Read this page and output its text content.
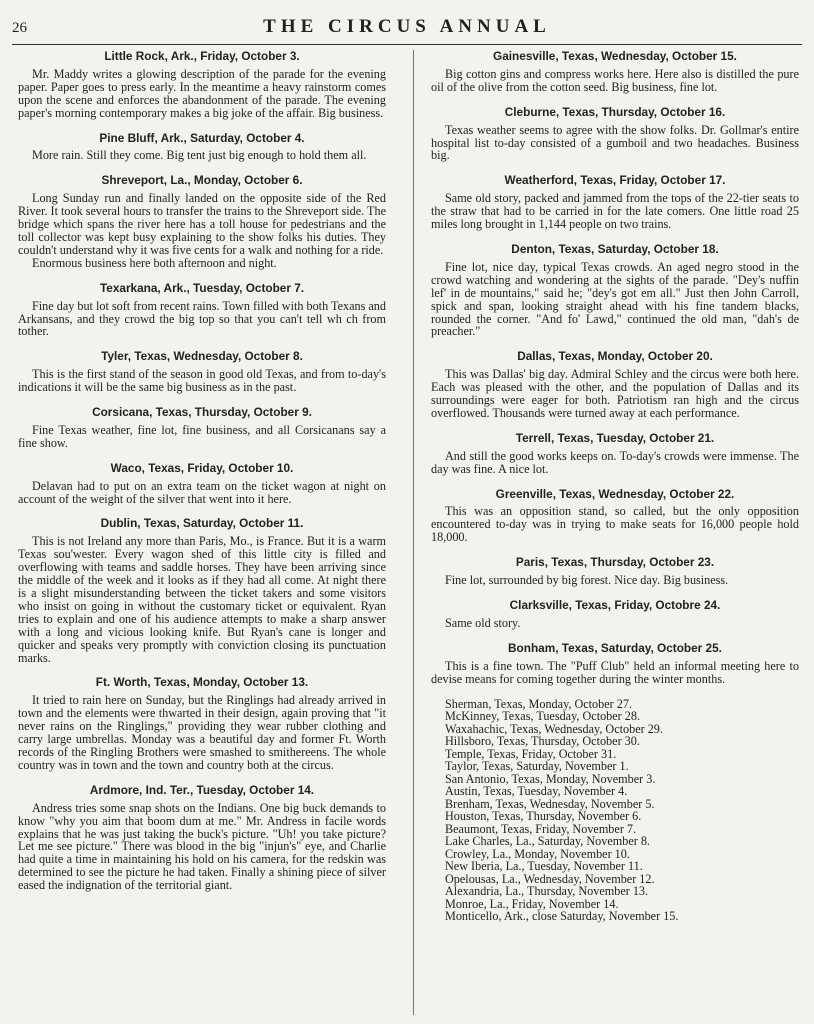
26	THE CIRCUS ANNUAL
Little Rock, Ark., Friday, October 3.

Mr. Maddy writes a glowing description of the parade for the evening paper. Paper goes to press early. In the meantime a heavy rainstorm comes upon the scene and enforces the abandonment of the parade. The evening paper's morning contemporary makes a big joke of the affair. Big business.

Pine Bluff, Ark., Saturday, October 4.

More rain. Still they come. Big tent just big enough to hold them all.

Shreveport, La., Monday, October 6.

Long Sunday run and finally landed on the opposite side of the Red River. It took several hours to transfer the trains to the Shreveport side. The bridge which spans the river here has a toll house for pedestrians and the toll collector was kept busy explaining to the show folks his duties. They couldn't understand why it was five cents for a walk and nothing for a ride.

Enormous business here both afternoon and night.

Texarkana, Ark., Tuesday, October 7.

Fine day but lot soft from recent rains. Town filled with both Texans and Arkansans, and they crowd the big top so that you can't tell wh ch from tother.

Tyler, Texas, Wednesday, October 8.

This is the first stand of the season in good old Texas, and from to-day's indications it will be the same big business as in the past.

Corsicana, Texas, Thursday, October 9.

Fine Texas weather, fine lot, fine business, and all Corsicanans say a fine show.

Waco, Texas, Friday, October 10.

Delavan had to put on an extra team on the ticket wagon at night on account of the weight of the silver that went into it here.

Dublin, Texas, Saturday, October 11.

This is not Ireland any more than Paris, Mo., is France. But it is a warm Texas sou'wester. Every wagon shed of this little city is filled and overflowing with teams and saddle horses. They have been arriving since the middle of the week and it looks as if they had all come. At night there is a slight misunderstanding between the ticket takers and some visitors who insist on going in without the customary ticket or equivalent. Ryan tries to explain and one of his audience attempts to make a sharp answer with a long and vicious looking knife. But Ryan's cane is longer and quicker and speaks very promptly with conviction closing its punctuation marks.

Ft. Worth, Texas, Monday, October 13.

It tried to rain here on Sunday, but the Ringlings had already arrived in town and the elements were thwarted in their design, again proving that "it never rains on the Ringlings," providing they wear rubber clothing and carry large umbrellas. Monday was a beautiful day and former Ft. Worth records of the Ringling Brothers were smashed to smithereens. The whole country was in town and the town and country both at the circus.

Ardmore, Ind. Ter., Tuesday, October 14.

Andress tries some snap shots on the Indians. One big buck demands to know "why you aim that boom dum at me." Mr. Andress in facile words explains that he was just taking the buck's picture. "Uh! you take picture? Let me see picture." There was blood in the big "injun's" eye, and Charlie had quite a time in maintaining his hold on his camera, for the redskin was determined to see the picture he had taken. Finally a shining piece of silver eased the indignation of the territorial giant.

Gainesville, Texas, Wednesday, October 15.

Big cotton gins and compress works here. Here also is distilled the pure oil of the olive from the cotton seed. Big business, fine lot.

Cleburne, Texas, Thursday, October 16.

Texas weather seems to agree with the show folks. Dr. Gollmar's entire hospital list to-day consisted of a gumboil and two headaches. Business big.

Weatherford, Texas, Friday, October 17.

Same old story, packed and jammed from the tops of the 22-tier seats to the straw that had to be carried in for the late comers. One little road 25 miles long brought in 1,144 people on two trains.

Denton, Texas, Saturday, October 18.

Fine lot, nice day, typical Texas crowds. An aged negro stood in the crowd watching and wondering at the sights of the parade. "Dey's nuffin lef' in de mountains," said he; "dey's got em all." Just then John Carroll, spick and span, looking straight ahead with his fine tandem blacks, rounded the corner. "And fo' Lawd," continued the old man, "dah's de preacher."

Dallas, Texas, Monday, October 20.

This was Dallas' big day. Admiral Schley and the circus were both here. Each was pleased with the other, and the population of Dallas and its surroundings were eager for both. Patriotism ran high and the circus overflowed. Thousands were turned away at each performance.

Terrell, Texas, Tuesday, October 21.

And still the good works keeps on. To-day's crowds were immense. The day was fine. A nice lot.

Greenville, Texas, Wednesday, October 22.

This was an opposition stand, so called, but the only opposition encountered to-day was in trying to make seats for 16,000 people hold 18,000.

Paris, Texas, Thursday, October 23.

Fine lot, surrounded by big forest. Nice day. Big business.

Clarksville, Texas, Friday, Octobre 24.

Same old story.

Bonham, Texas, Saturday, October 25.

This is a fine town. The "Puff Club" held an informal meeting here to devise means for coming together during the winter months.

Sherman, Texas, Monday, October 27.
McKinney, Texas, Tuesday, October 28.
Waxahachic, Texas, Wednesday, October 29.
Hillsboro, Texas, Thursday, October 30.
Temple, Texas, Friday, October 31.
Taylor, Texas, Saturday, November 1.
San Antonio, Texas, Monday, November 3.
Austin, Texas, Tuesday, November 4.
Brenham, Texas, Wednesday, November 5.
Houston, Texas, Thursday, November 6.
Beaumont, Texas, Friday, November 7.
Lake Charles, La., Saturday, November 8.
Crowley, La., Monday, November 10.
New Iberia, La., Tuesday, November 11.
Opelousas, La., Wednesday, November 12.
Alexandria, La., Thursday, November 13.
Monroe, La., Friday, November 14.
Monticello, Ark., close Saturday, November 15.
